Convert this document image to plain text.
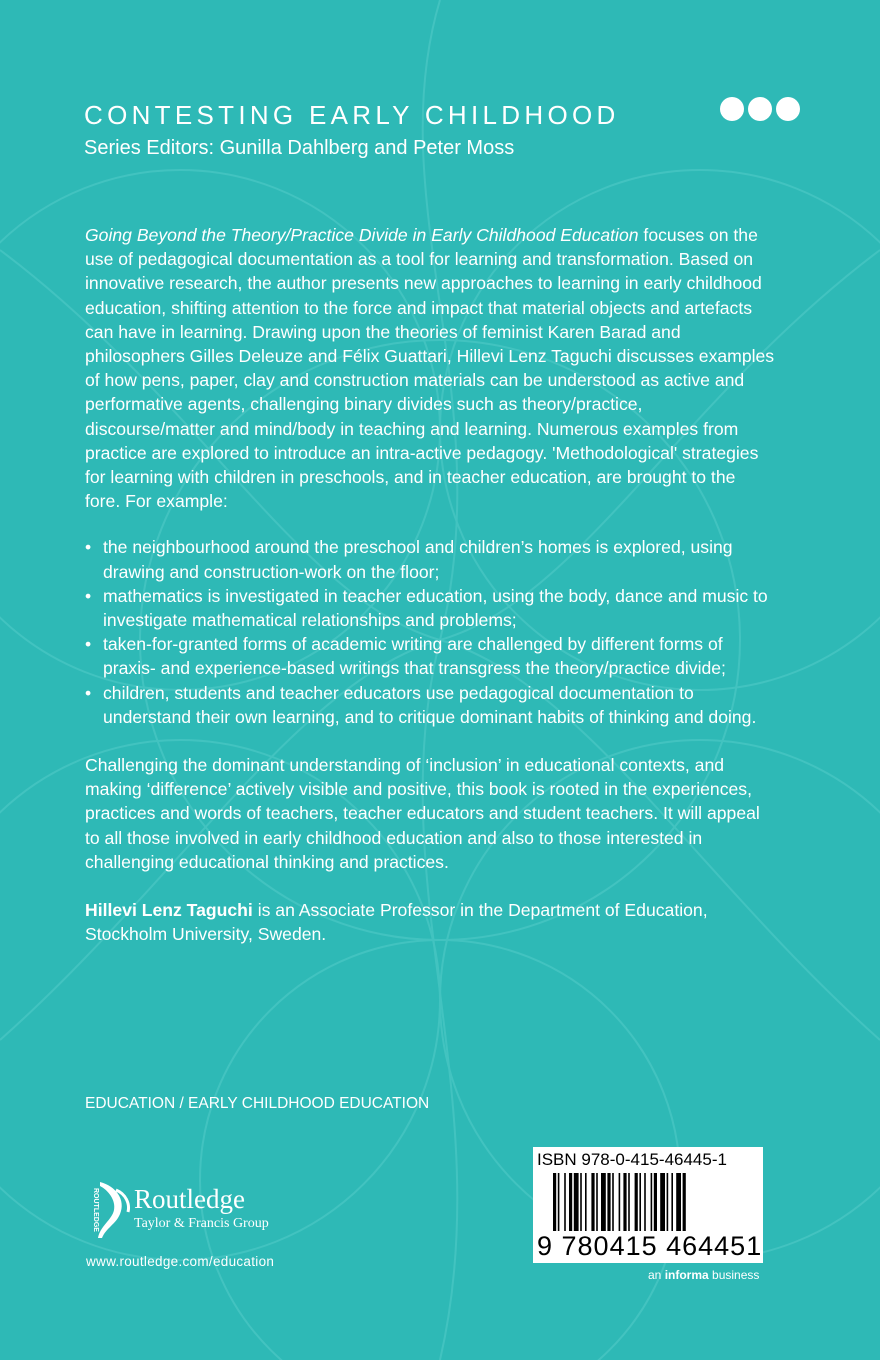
CONTESTING EARLY CHILDHOOD
Series Editors: Gunilla Dahlberg and Peter Moss

Going Beyond the Theory/Practice Divide in Early Childhood Education focuses on the use of pedagogical documentation as a tool for learning and transformation. Based on innovative research, the author presents new approaches to learning in early childhood education, shifting attention to the force and impact that material objects and artefacts can have in learning. Drawing upon the theories of feminist Karen Barad and philosophers Gilles Deleuze and Félix Guattari, Hillevi Lenz Taguchi discusses examples of how pens, paper, clay and construction materials can be understood as active and performative agents, challenging binary divides such as theory/practice, discourse/matter and mind/body in teaching and learning. Numerous examples from practice are explored to introduce an intra-active pedagogy. 'Methodological' strategies for learning with children in preschools, and in teacher education, are brought to the fore. For example:

• the neighbourhood around the preschool and children’s homes is explored, using drawing and construction-work on the floor;
• mathematics is investigated in teacher education, using the body, dance and music to investigate mathematical relationships and problems;
• taken-for-granted forms of academic writing are challenged by different forms of praxis- and experience-based writings that transgress the theory/practice divide;
• children, students and teacher educators use pedagogical documentation to understand their own learning, and to critique dominant habits of thinking and doing.

Challenging the dominant understanding of ‘inclusion’ in educational contexts, and making ‘difference’ actively visible and positive, this book is rooted in the experiences, practices and words of teachers, teacher educators and student teachers. It will appeal to all those involved in early childhood education and also to those interested in challenging educational thinking and practices.

Hillevi Lenz Taguchi is an Associate Professor in the Department of Education, Stockholm University, Sweden.

EDUCATION / EARLY CHILDHOOD EDUCATION
ROUTLEDGE Routledge
Taylor & Francis Group
www.routledge.com/education
ISBN 978-0-415-46445-1
9 780415 464451
an informa business
